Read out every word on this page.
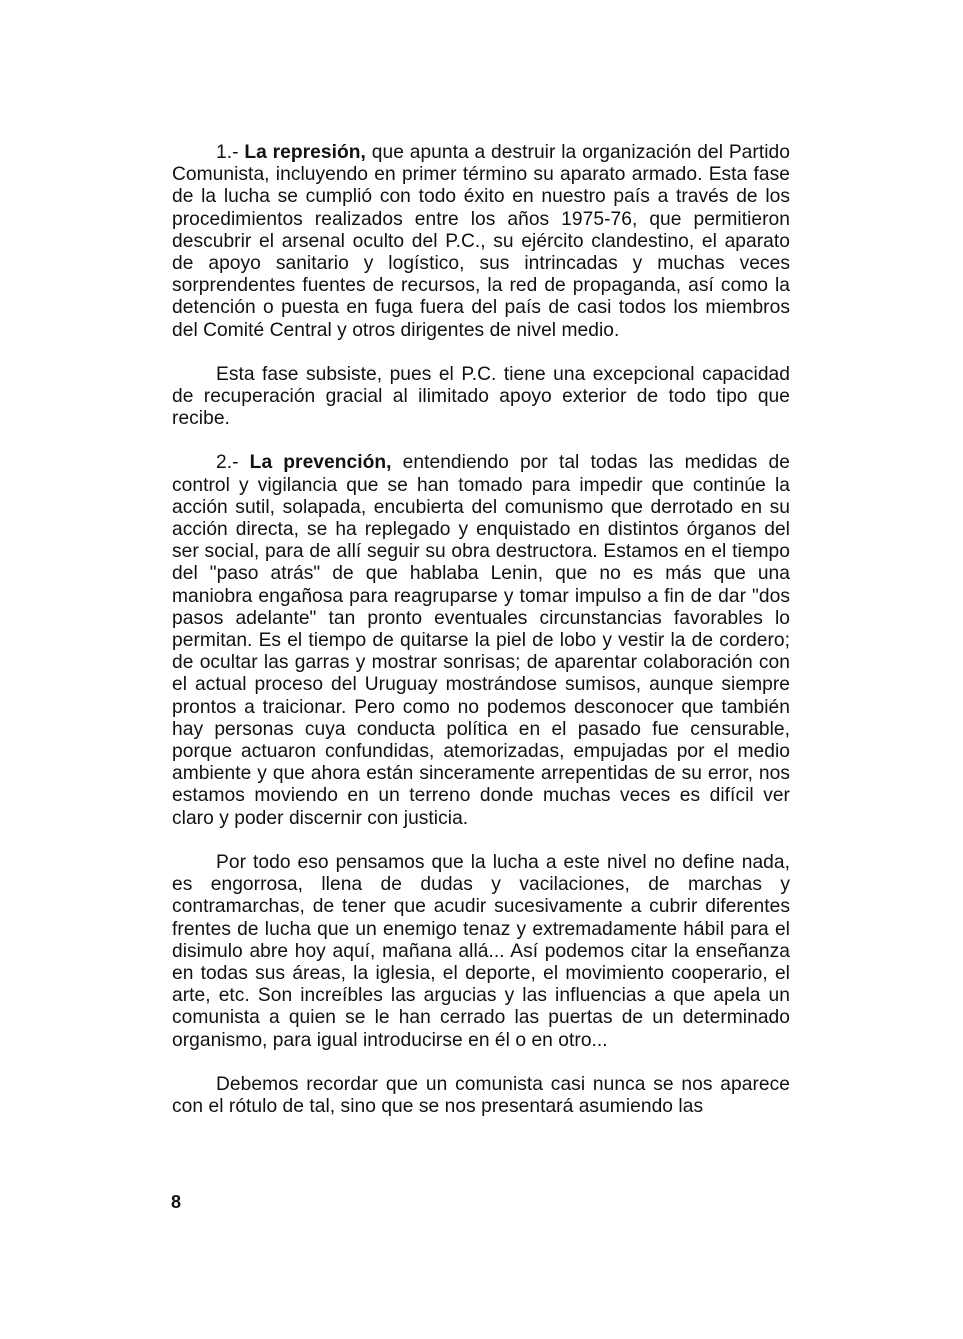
1.- La represión, que apunta a destruir la organización del Partido Comunista, incluyendo en primer término su aparato armado. Esta fase de la lucha se cumplió con todo éxito en nuestro país a través de los procedimientos realizados entre los años 1975-76, que permitieron descubrir el arsenal oculto del P.C., su ejército clandestino, el aparato de apoyo sanitario y logístico, sus intrincadas y muchas veces sorprendentes fuentes de recursos, la red de propaganda, así como la detención o puesta en fuga fuera del país de casi todos los miembros del Comité Central y otros dirigentes de nivel medio.

Esta fase subsiste, pues el P.C. tiene una excepcional capacidad de recuperación gracial al ilimitado apoyo exterior de todo tipo que recibe.

2.- La prevención, entendiendo por tal todas las medidas de control y vigilancia que se han tomado para impedir que continúe la acción sutil, solapada, encubierta del comunismo que derrotado en su acción directa, se ha replegado y enquistado en distintos órganos del ser social, para de allí seguir su obra destructora. Estamos en el tiempo del "paso atrás" de que hablaba Lenin, que no es más que una maniobra engañosa para reagruparse y tomar impulso a fin de dar "dos pasos adelante" tan pronto eventuales circunstancias favorables lo permitan. Es el tiempo de quitarse la piel de lobo y vestir la de cordero; de ocultar las garras y mostrar sonrisas; de aparentar colaboración con el actual proceso del Uruguay mostrándose sumisos, aunque siempre prontos a traicionar. Pero como no podemos desconocer que también hay personas cuya conducta política en el pasado fue censurable, porque actuaron confundidas, atemorizadas, empujadas por el medio ambiente y que ahora están sinceramente arrepentidas de su error, nos estamos moviendo en un terreno donde muchas veces es difícil ver claro y poder discernir con justicia.

Por todo eso pensamos que la lucha a este nivel no define nada, es engorrosa, llena de dudas y vacilaciones, de marchas y contramarchas, de tener que acudir sucesivamente a cubrir diferentes frentes de lucha que un enemigo tenaz y extremadamente hábil para el disimulo abre hoy aquí, mañana allá... Así podemos citar la enseñanza en todas sus áreas, la iglesia, el deporte, el movimiento cooperario, el arte, etc. Son increíbles las argucias y las influencias a que apela un comunista a quien se le han cerrado las puertas de un determinado organismo, para igual introducirse en él o en otro...

Debemos recordar que un comunista casi nunca se nos aparece con el rótulo de tal, sino que se nos presentará asumiendo las

8
